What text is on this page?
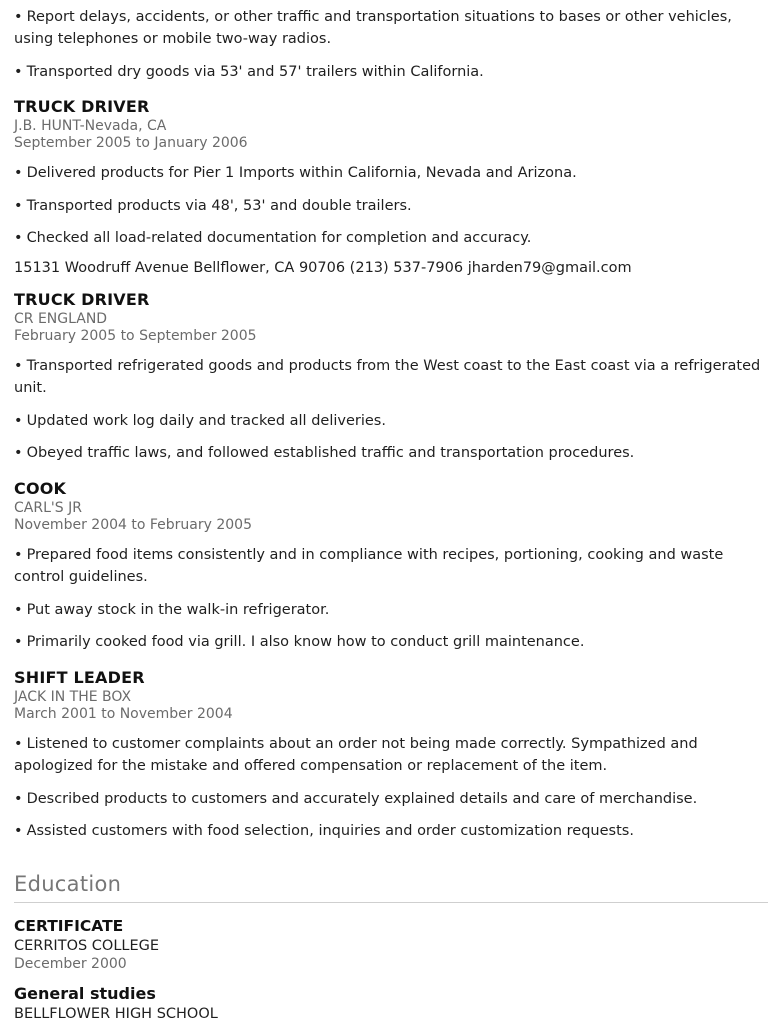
• Report delays, accidents, or other traffic and transportation situations to bases or other vehicles, using telephones or mobile two-way radios.

• Transported dry goods via 53' and 57' trailers within California.

TRUCK DRIVER

J.B. HUNT-Nevada, CA

September 2005 to January 2006

• Delivered products for Pier 1 Imports within California, Nevada and Arizona.

• Transported products via 48', 53' and double trailers.

• Checked all load-related documentation for completion and accuracy.

15131 Woodruff Avenue Bellflower, CA 90706 (213) 537-7906 jharden79@gmail.com

TRUCK DRIVER

CR ENGLAND

February 2005 to September 2005

• Transported refrigerated goods and products from the West coast to the East coast via a refrigerated unit.

• Updated work log daily and tracked all deliveries.

• Obeyed traffic laws, and followed established traffic and transportation procedures.

COOK

CARL'S JR

November 2004 to February 2005

• Prepared food items consistently and in compliance with recipes, portioning, cooking and waste control guidelines.

• Put away stock in the walk-in refrigerator.

• Primarily cooked food via grill. I also know how to conduct grill maintenance.

SHIFT LEADER

JACK IN THE BOX

March 2001 to November 2004

• Listened to customer complaints about an order not being made correctly. Sympathized and apologized for the mistake and offered compensation or replacement of the item.

• Described products to customers and accurately explained details and care of merchandise.

• Assisted customers with food selection, inquiries and order customization requests.

Education
CERTIFICATE

CERRITOS COLLEGE

December 2000

General studies

BELLFLOWER HIGH SCHOOL
